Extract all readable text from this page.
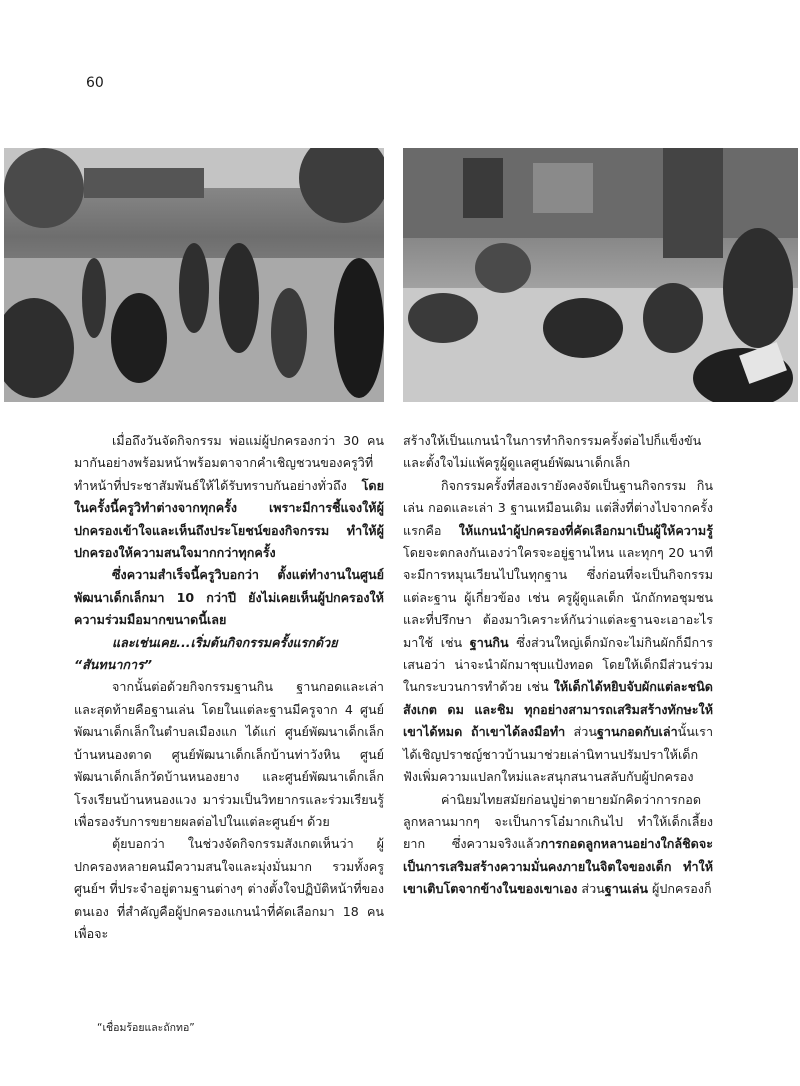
60

เมื่อถึงวันจัดกิจกรรม พ่อแม่ผู้ปกครองกว่า 30 คน มากันอย่างพร้อมหน้าพร้อมตาจากคำเชิญชวนของครูวิที่ทำหน้าที่ประชาสัมพันธ์ให้ได้รับทราบกันอย่างทั่วถึง โดยในครั้งนี้ครูวิทำต่างจากทุกครั้ง เพราะมีการชี้แจงให้ผู้ปกครองเข้าใจและเห็นถึงประโยชน์ของกิจกรรม ทำให้ผู้ปกครองให้ความสนใจมากกว่าทุกครั้ง

ซึ่งความสำเร็จนี้ครูวิบอกว่า ตั้งแต่ทำงานในศูนย์พัฒนาเด็กเล็กมา 10 กว่าปี ยังไม่เคยเห็นผู้ปกครองให้ความร่วมมือมากขนาดนี้เลย

และเช่นเคย...เริ่มต้นกิจกรรมครั้งแรกด้วย “สันทนาการ”

จากนั้นต่อด้วยกิจกรรมฐานกิน ฐานกอดและเล่าและสุดท้ายคือฐานเล่น โดยในแต่ละฐานมีครูจาก 4 ศูนย์พัฒนาเด็กเล็กในตำบลเมืองแก ได้แก่ ศูนย์พัฒนาเด็กเล็กบ้านหนองตาด ศูนย์พัฒนาเด็กเล็กบ้านท่าวังหิน ศูนย์พัฒนาเด็กเล็กวัดบ้านหนองยาง และศูนย์พัฒนาเด็กเล็กโรงเรียนบ้านหนองแวง มาร่วมเป็นวิทยากรและร่วมเรียนรู้เพื่อรองรับการขยายผลต่อไปในแต่ละศูนย์ฯ ด้วย

ตุ้ยบอกว่า ในช่วงจัดกิจกรรมสังเกตเห็นว่า ผู้ปกครองหลายคนมีความสนใจและมุ่งมั่นมาก รวมทั้งครูศูนย์ฯ ที่ประจำอยู่ตามฐานต่างๆ ต่างตั้งใจปฏิบัติหน้าที่ของตนเอง ที่สำคัญคือผู้ปกครองแกนนำที่คัดเลือกมา 18 คน เพื่อจะ

สร้างให้เป็นแกนนำในการทำกิจกรรมครั้งต่อไปก็แข็งขันและตั้งใจไม่แพ้ครูผู้ดูแลศูนย์พัฒนาเด็กเล็ก

กิจกรรมครั้งที่สองเรายังคงจัดเป็นฐานกิจกรรม กิน เล่น กอดและเล่า 3 ฐานเหมือนเดิม แต่สิ่งที่ต่างไปจากครั้งแรกคือ ให้แกนนำผู้ปกครองที่คัดเลือกมาเป็นผู้ให้ความรู้ โดยจะตกลงกันเองว่าใครจะอยู่ฐานไหน และทุกๆ 20 นาทีจะมีการหมุนเวียนไปในทุกฐาน ซึ่งก่อนที่จะเป็นกิจกรรมแต่ละฐาน ผู้เกี่ยวข้อง เช่น ครูผู้ดูแลเด็ก นักถักทอชุมชน และที่ปรึกษา ต้องมาวิเคราะห์กันว่าแต่ละฐานจะเอาอะไรมาใช้ เช่น ฐานกิน ซึ่งส่วนใหญ่เด็กมักจะไม่กินผักก็มีการเสนอว่า น่าจะนำผักมาชุบแป้งทอด โดยให้เด็กมีส่วนร่วมในกระบวนการทำด้วย เช่น ให้เด็กได้หยิบจับผักแต่ละชนิด สังเกต ดม และชิม ทุกอย่างสามารถเสริมสร้างทักษะให้เขาได้หมด ถ้าเขาได้ลงมือทำ ส่วนฐานกอดกับเล่านั้นเราได้เชิญปราชญ์ชาวบ้านมาช่วยเล่านิทานปรัมปราให้เด็กฟังเพิ่มความแปลกใหม่และสนุกสนานสลับกับผู้ปกครอง

ค่านิยมไทยสมัยก่อนปู่ย่าตายายมักคิดว่าการกอดลูกหลานมากๆ จะเป็นการโอ๋มากเกินไป ทำให้เด็กเลี้ยงยาก ซึ่งความจริงแล้วการกอดลูกหลานอย่างใกล้ชิดจะเป็นการเสริมสร้างความมั่นคงภายในจิตใจของเด็ก ทำให้เขาเติบโตจากข้างในของเขาเอง ส่วนฐานเล่น ผู้ปกครองก็

“เชื่อมร้อยและถักทอ”
